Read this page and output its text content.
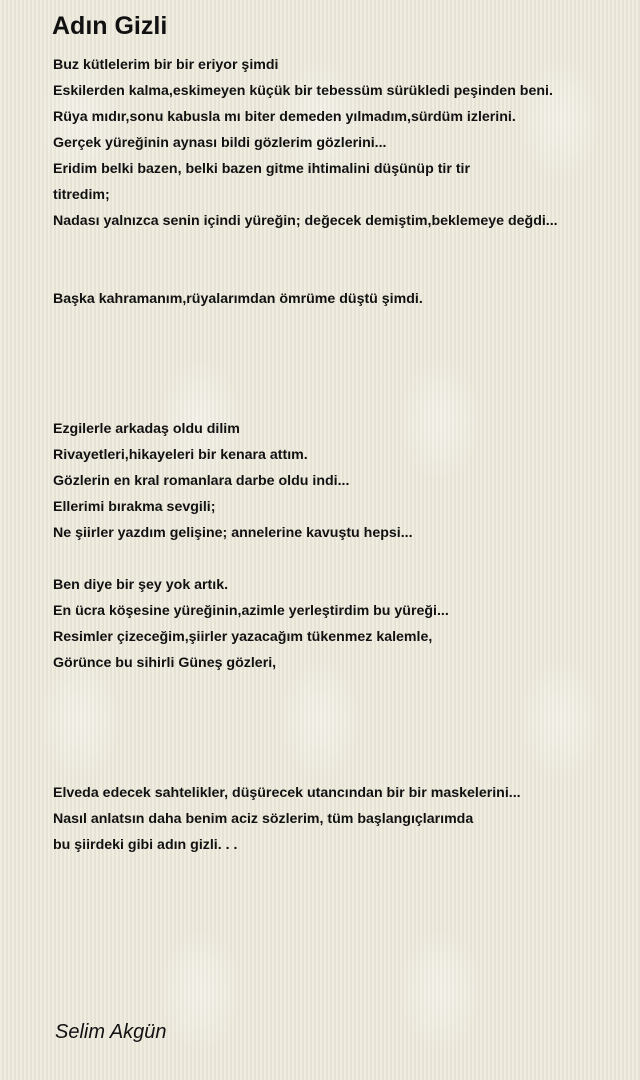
Adın Gizli
Buz kütlelerim bir bir eriyor şimdi
Eskilerden kalma,eskimeyen küçük bir tebessüm sürükledi peşinden beni.
Rüya mıdır,sonu kabusla mı biter demeden yılmadım,sürdüm izlerini.
Gerçek yüreğinin aynası bildi gözlerim gözlerini...
Eridim belki bazen, belki bazen gitme ihtimalini düşünüp tir tir
titredim;
Nadası yalnızca senin içindi yüreğin; değecek demiştim,beklemeye değdi...
Başka kahramanım,rüyalarımdan ömrüme düştü şimdi.
Ezgilerle arkadaş oldu dilim
Rivayetleri,hikayeleri bir kenara attım.
Gözlerin en kral romanlara darbe oldu indi...
Ellerimi bırakma sevgili;
Ne şiirler yazdım gelişine; annelerine kavuştu hepsi...
Ben diye bir şey yok artık.
En ücra köşesine yüreğinin,azimle yerleştirdim bu yüreği...
Resimler çizeceğim,şiirler yazacağım tükenmez kalemle,
Görünce bu sihirli Güneş gözleri,
Elveda edecek sahtelikler, düşürecek utancından bir bir maskelerini...
Nasıl anlatsın daha benim aciz sözlerim, tüm başlangıçlarımda
bu şiirdeki gibi adın gizli. . .
Selim Akgün
